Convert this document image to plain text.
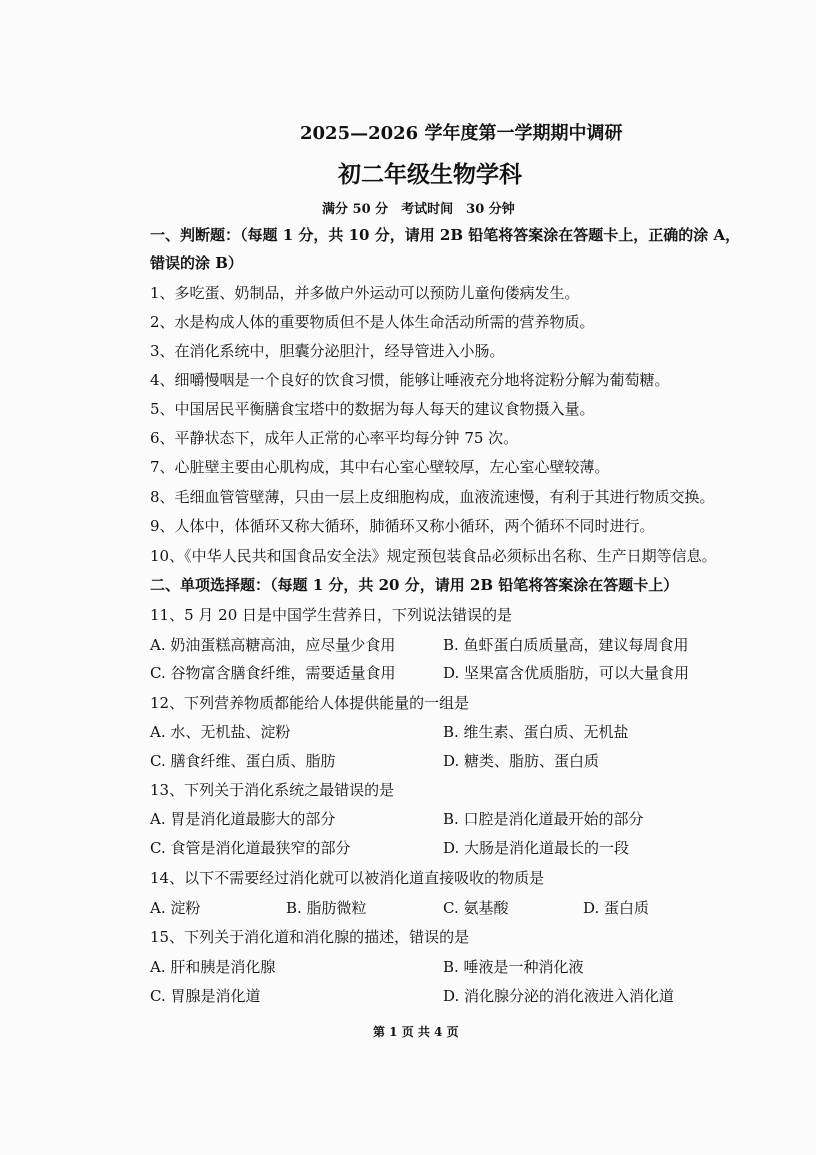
2025—2026 学年度第一学期期中调研
初二年级生物学科
满分 50 分　考试时间　30 分钟
一、判断题：（每题 1 分，共 10 分，请用 2B 铅笔将答案涂在答题卡上，正确的涂 A，
错误的涂 B）
1、多吃蛋、奶制品，并多做户外运动可以预防儿童佝偻病发生。
2、水是构成人体的重要物质但不是人体生命活动所需的营养物质。
3、在消化系统中，胆囊分泌胆汁，经导管进入小肠。
4、细嚼慢咽是一个良好的饮食习惯，能够让唾液充分地将淀粉分解为葡萄糖。
5、中国居民平衡膳食宝塔中的数据为每人每天的建议食物摄入量。
6、平静状态下，成年人正常的心率平均每分钟 75 次。
7、心脏壁主要由心肌构成，其中右心室心壁较厚，左心室心壁较薄。
8、毛细血管管壁薄，只由一层上皮细胞构成，血液流速慢，有利于其进行物质交换。
9、人体中，体循环又称大循环，肺循环又称小循环，两个循环不同时进行。
10、《中华人民共和国食品安全法》规定预包装食品必须标出名称、生产日期等信息。
二、单项选择题：（每题 1 分，共 20 分，请用 2B 铅笔将答案涂在答题卡上）
11、5 月 20 日是中国学生营养日，下列说法错误的是
A. 奶油蛋糕高糖高油，应尽量少食用	B. 鱼虾蛋白质质量高，建议每周食用
C. 谷物富含膳食纤维，需要适量食用	D. 坚果富含优质脂肪，可以大量食用
12、下列营养物质都能给人体提供能量的一组是
A. 水、无机盐、淀粉	B. 维生素、蛋白质、无机盐
C. 膳食纤维、蛋白质、脂肪	D. 糖类、脂肪、蛋白质
13、下列关于消化系统之最错误的是
A. 胃是消化道最膨大的部分	B. 口腔是消化道最开始的部分
C. 食管是消化道最狭窄的部分	D. 大肠是消化道最长的一段
14、以下不需要经过消化就可以被消化道直接吸收的物质是
A. 淀粉	B. 脂肪微粒	C. 氨基酸	D. 蛋白质
15、下列关于消化道和消化腺的描述，错误的是
A. 肝和胰是消化腺	B. 唾液是一种消化液
C. 胃腺是消化道	D. 消化腺分泌的消化液进入消化道
第 1 页 共 4 页
